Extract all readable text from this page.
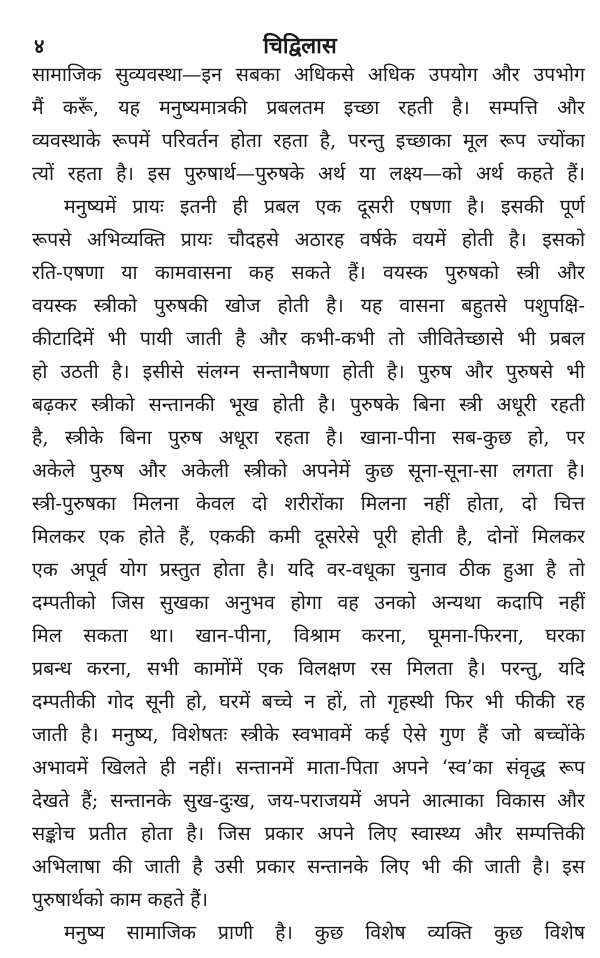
४	चिद्विलास
सामाजिक सुव्यवस्था—इन सबका अधिकसे अधिक उपयोग और उपभोग
मैं करूँ, यह मनुष्यमात्रकी प्रबलतम इच्छा रहती है। सम्पत्ति और
व्यवस्थाके रूपमें परिवर्तन होता रहता है, परन्तु इच्छाका मूल रूप ज्योंका
त्यों रहता है। इस पुरुषार्थ—पुरुषके अर्थ या लक्ष्य—को अर्थ कहते हैं।
मनुष्यमें प्रायः इतनी ही प्रबल एक दूसरी एषणा है। इसकी पूर्ण
रूपसे अभिव्यक्ति प्रायः चौदहसे अठारह वर्षके वयमें होती है। इसको
रति-एषणा या कामवासना कह सकते हैं। वयस्क पुरुषको स्त्री और
वयस्क स्त्रीको पुरुषकी खोज होती है। यह वासना बहुतसे पशुपक्षि-
कीटादिमें भी पायी जाती है और कभी-कभी तो जीवितेच्छासे भी प्रबल
हो उठती है। इसीसे संलग्न सन्तानैषणा होती है। पुरुष और पुरुषसे भी
बढ़कर स्त्रीको सन्तानकी भूख होती है। पुरुषके बिना स्त्री अधूरी रहती
है, स्त्रीके बिना पुरुष अधूरा रहता है। खाना-पीना सब-कुछ हो, पर
अकेले पुरुष और अकेली स्त्रीको अपनेमें कुछ सूना-सूना-सा लगता है।
स्त्री-पुरुषका मिलना केवल दो शरीरोंका मिलना नहीं होता, दो चित्त
मिलकर एक होते हैं, एककी कमी दूसरेसे पूरी होती है, दोनों मिलकर
एक अपूर्व योग प्रस्तुत होता है। यदि वर-वधूका चुनाव ठीक हुआ है तो
दम्पतीको जिस सुखका अनुभव होगा वह उनको अन्यथा कदापि नहीं
मिल सकता था। खान-पीना, विश्राम करना, घूमना-फिरना, घरका
प्रबन्ध करना, सभी कामोंमें एक विलक्षण रस मिलता है। परन्तु, यदि
दम्पतीकी गोद सूनी हो, घरमें बच्चे न हों, तो गृहस्थी फिर भी फीकी रह
जाती है। मनुष्य, विशेषतः स्त्रीके स्वभावमें कई ऐसे गुण हैं जो बच्चोंके
अभावमें खिलते ही नहीं। सन्तानमें माता-पिता अपने ‘स्व’का संवृद्ध रूप
देखते हैं; सन्तानके सुख-दुःख, जय-पराजयमें अपने आत्माका विकास और
सङ्कोच प्रतीत होता है। जिस प्रकार अपने लिए स्वास्थ्य और सम्पत्तिकी
अभिलाषा की जाती है उसी प्रकार सन्तानके लिए भी की जाती है। इस
पुरुषार्थको काम कहते हैं।
मनुष्य सामाजिक प्राणी है। कुछ विशेष व्यक्ति कुछ विशेष
